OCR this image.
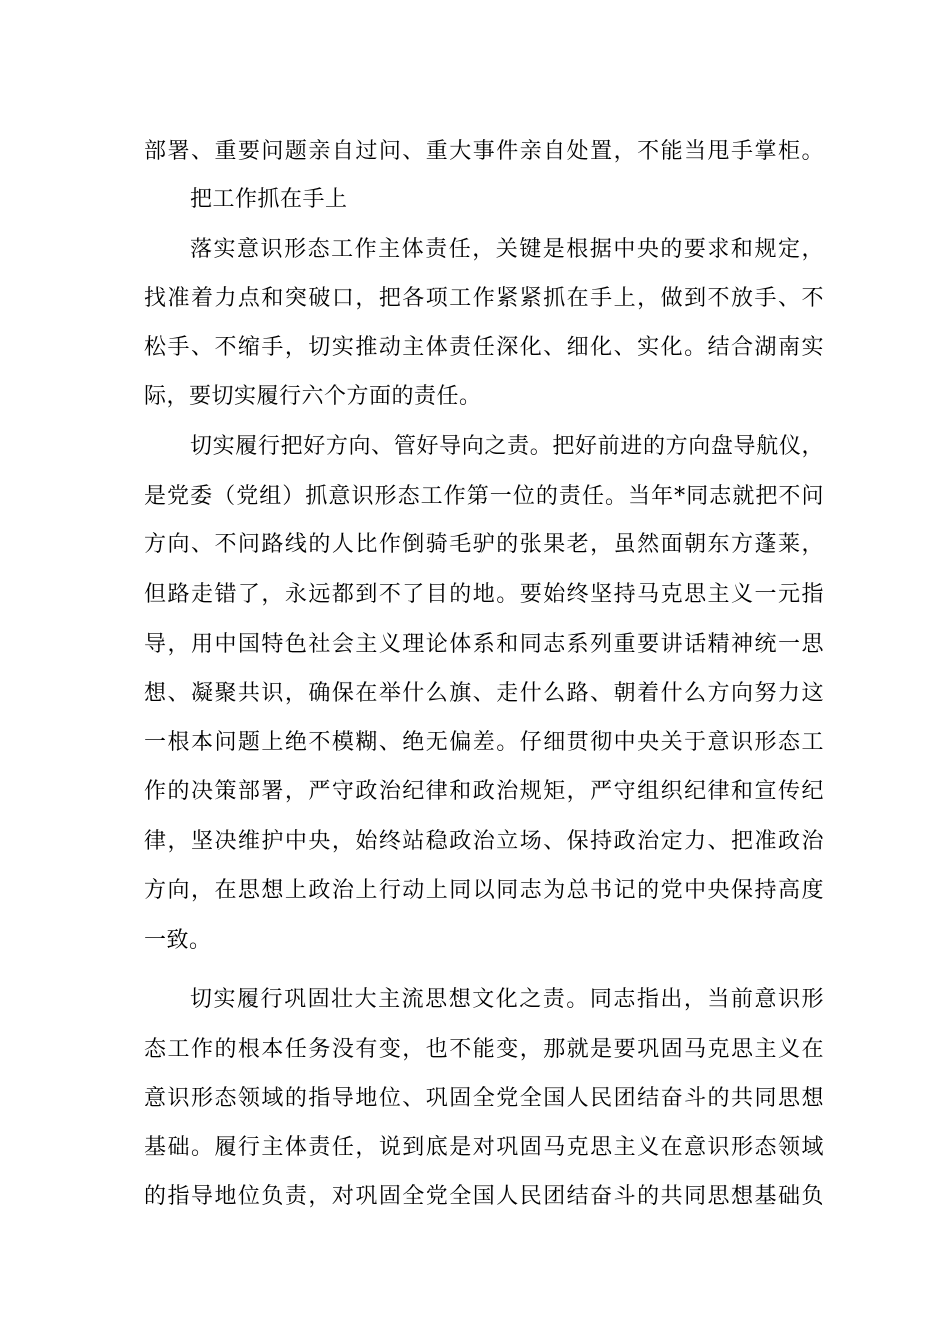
部署、重要问题亲自过问、重大事件亲自处置，不能当甩手掌柜。
把工作抓在手上
落实意识形态工作主体责任，关键是根据中央的要求和规定，
找准着力点和突破口，把各项工作紧紧抓在手上，做到不放手、不
松手、不缩手，切实推动主体责任深化、细化、实化。结合湖南实
际，要切实履行六个方面的责任。
切实履行把好方向、管好导向之责。把好前进的方向盘导航仪，
是党委（党组）抓意识形态工作第一位的责任。当年*同志就把不问
方向、不问路线的人比作倒骑毛驴的张果老，虽然面朝东方蓬莱，
但路走错了，永远都到不了目的地。要始终坚持马克思主义一元指
导，用中国特色社会主义理论体系和同志系列重要讲话精神统一思
想、凝聚共识，确保在举什么旗、走什么路、朝着什么方向努力这
一根本问题上绝不模糊、绝无偏差。仔细贯彻中央关于意识形态工
作的决策部署，严守政治纪律和政治规矩，严守组织纪律和宣传纪
律，坚决维护中央，始终站稳政治立场、保持政治定力、把准政治
方向，在思想上政治上行动上同以同志为总书记的党中央保持高度
一致。
切实履行巩固壮大主流思想文化之责。同志指出，当前意识形
态工作的根本任务没有变，也不能变，那就是要巩固马克思主义在
意识形态领域的指导地位、巩固全党全国人民团结奋斗的共同思想
基础。履行主体责任，说到底是对巩固马克思主义在意识形态领域
的指导地位负责，对巩固全党全国人民团结奋斗的共同思想基础负
